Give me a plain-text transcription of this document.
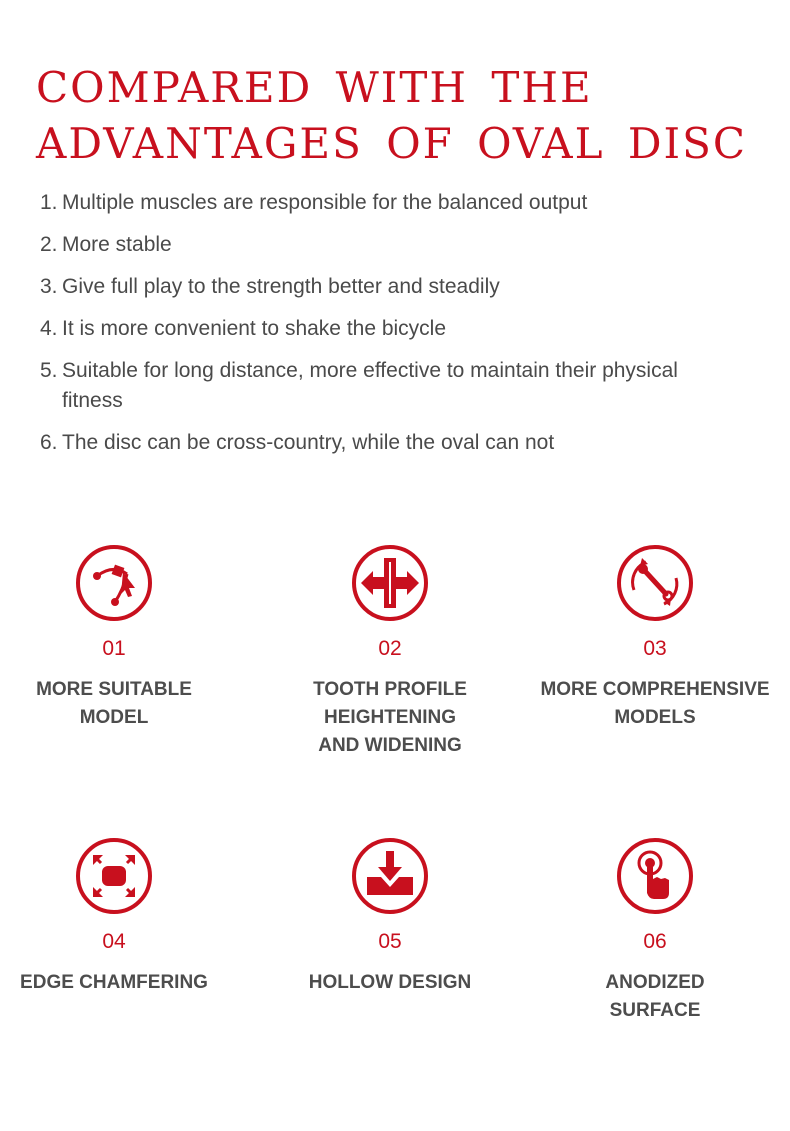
COMPARED WITH THE
ADVANTAGES OF OVAL DISC
1. Multiple muscles are responsible for the balanced output
2. More stable
3. Give full play to the strength better and steadily
4. It is more convenient to shake the bicycle
5. Suitable for long distance, more effective to maintain their physical fitness
6. The disc can be cross-country, while the oval can not
01
MORE SUITABLE
MODEL
02
TOOTH PROFILE
HEIGHTENING
AND WIDENING
03
MORE COMPREHENSIVE
MODELS
04
EDGE CHAMFERING
05
HOLLOW DESIGN
06
ANODIZED
SURFACE
